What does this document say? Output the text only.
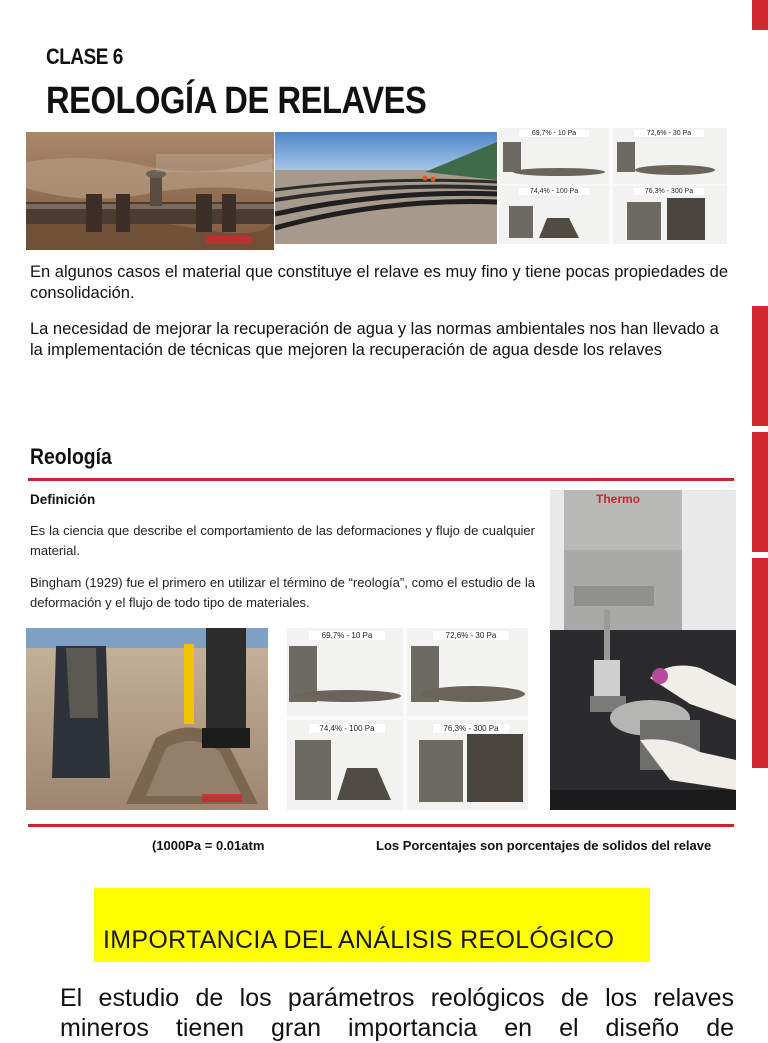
CLASE 6
REOLOGÍA DE RELAVES
69,7% - 10 Pa	72,6% - 30 Pa
74,4% - 100 Pa	76,3% - 300 Pa
En algunos casos el material que constituye el relave es muy fino y tiene pocas propiedades de consolidación.
La necesidad de mejorar la recuperación de agua y las normas ambientales nos han llevado a la implementación de técnicas que mejoren la recuperación de agua desde los relaves
Reología
Definición
Es la ciencia que describe el comportamiento de las deformaciones y flujo de cualquier material.
Bingham (1929) fue el primero en utilizar el término de “reología”, como el estudio de la deformación y el flujo de todo tipo de materiales.
Thermo
69,7% - 10 Pa	72,6% - 30 Pa
74,4% - 100 Pa	76,3% - 300 Pa
(1000Pa = 0.01atm	Los Porcentajes son porcentajes de solidos del relave
IMPORTANCIA DEL ANÁLISIS REOLÓGICO
El estudio de los parámetros reológicos de los relaves mineros tienen gran importancia en el diseño de
